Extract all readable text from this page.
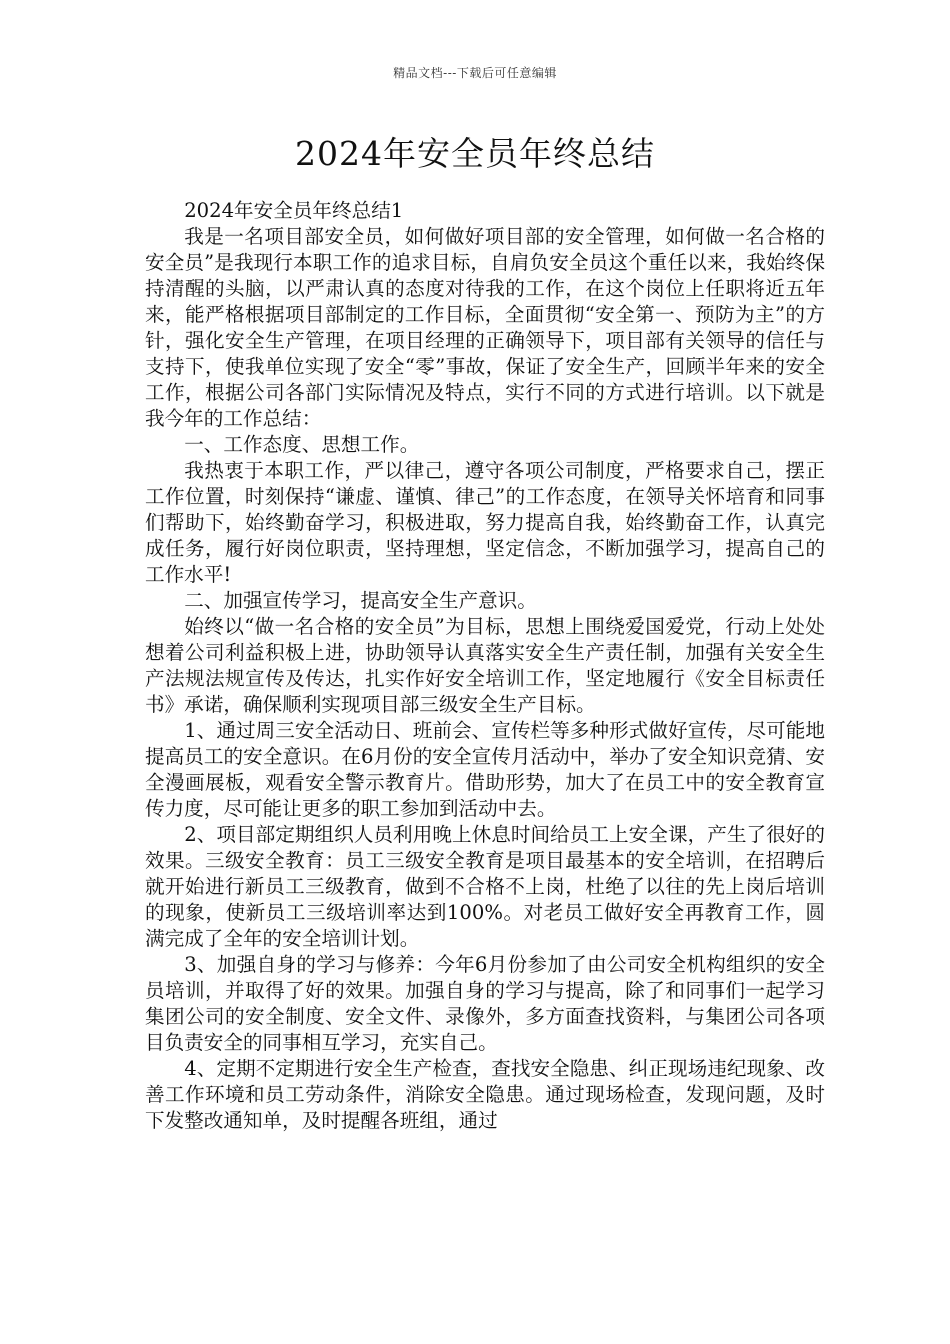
精品文档---下载后可任意编辑
2024年安全员年终总结

2024年安全员年终总结1

我是一名项目部安全员，如何做好项目部的安全管理，如何做一名合格的安全员”是我现行本职工作的追求目标，自肩负安全员这个重任以来，我始终保持清醒的头脑，以严肃认真的态度对待我的工作，在这个岗位上任职将近五年来，能严格根据项目部制定的工作目标，全面贯彻“安全第一、预防为主”的方针，强化安全生产管理，在项目经理的正确领导下，项目部有关领导的信任与支持下，使我单位实现了安全“零”事故，保证了安全生产，回顾半年来的安全工作，根据公司各部门实际情况及特点，实行不同的方式进行培训。以下就是我今年的工作总结：

一、工作态度、思想工作。

我热衷于本职工作，严以律己，遵守各项公司制度，严格要求自己，摆正工作位置，时刻保持“谦虚、谨慎、律己”的工作态度，在领导关怀培育和同事们帮助下，始终勤奋学习，积极进取，努力提高自我，始终勤奋工作，认真完成任务，履行好岗位职责，坚持理想，坚定信念，不断加强学习，提高自己的工作水平!

二、加强宣传学习，提高安全生产意识。

始终以“做一名合格的安全员”为目标，思想上围绕爱国爱党，行动上处处想着公司利益积极上进，协助领导认真落实安全生产责任制，加强有关安全生产法规法规宣传及传达，扎实作好安全培训工作，坚定地履行《安全目标责任书》承诺，确保顺利实现项目部三级安全生产目标。

1、通过周三安全活动日、班前会、宣传栏等多种形式做好宣传，尽可能地提高员工的安全意识。在6月份的安全宣传月活动中，举办了安全知识竞猜、安全漫画展板，观看安全警示教育片。借助形势，加大了在员工中的安全教育宣传力度，尽可能让更多的职工参加到活动中去。

2、项目部定期组织人员利用晚上休息时间给员工上安全课，产生了很好的效果。三级安全教育：员工三级安全教育是项目最基本的安全培训，在招聘后就开始进行新员工三级教育，做到不合格不上岗，杜绝了以往的先上岗后培训的现象，使新员工三级培训率达到100%。对老员工做好安全再教育工作，圆满完成了全年的安全培训计划。

3、加强自身的学习与修养：今年6月份参加了由公司安全机构组织的安全员培训，并取得了好的效果。加强自身的学习与提高，除了和同事们一起学习集团公司的安全制度、安全文件、录像外，多方面查找资料，与集团公司各项目负责安全的同事相互学习，充实自己。

4、定期不定期进行安全生产检查，查找安全隐患、纠正现场违纪现象、改善工作环境和员工劳动条件，消除安全隐患。通过现场检查，发现问题，及时下发整改通知单，及时提醒各班组，通过
